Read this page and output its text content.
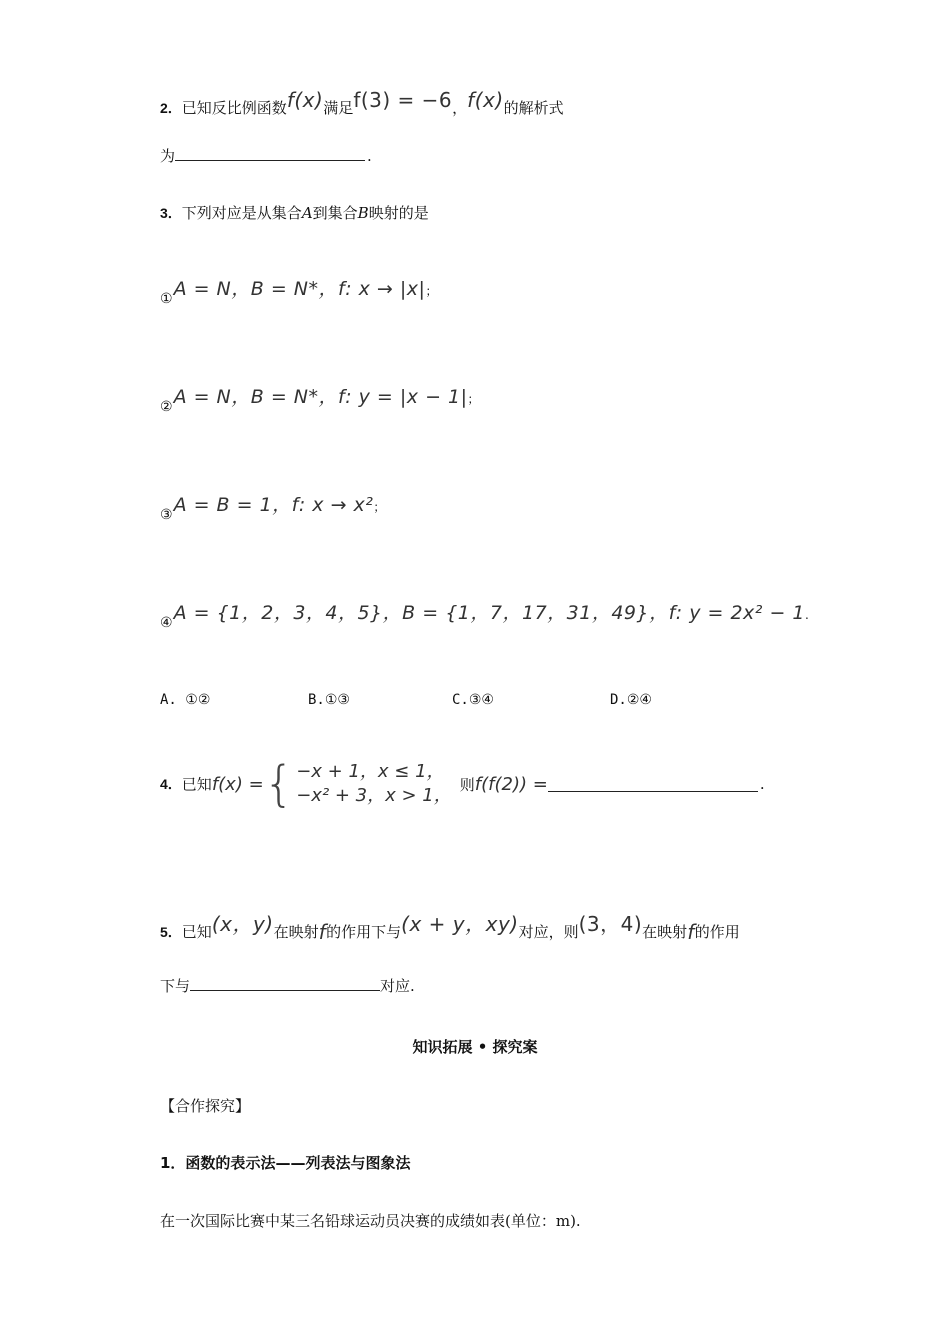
2．已知反比例函数f(x)满足f(3) = −6，f(x)的解析式
为	.
3．下列对应是从集合A到集合B映射的是
①A = N，B = N*，f: x → |x|；
②A = N，B = N*，f: y = |x − 1|；
③A = B = 1，f: x → x²；
④A = {1，2，3，4，5}，B = {1，7，17，31，49}，f: y = 2x² − 1.
A. ①②	B.①③	C.③④	D.②④
4．已知f(x) ={ −x + 1，x ≤ 1，
−x² + 3，x > 1，则f(f(2)) =	.
5．已知(x，y)在映射f的作用下与(x + y，xy)对应，则(3，4)在映射f的作用
下与	对应.
知识拓展 • 探究案
【合作探究】
1．函数的表示法——列表法与图象法
在一次国际比赛中某三名铅球运动员决赛的成绩如表(单位：m).
